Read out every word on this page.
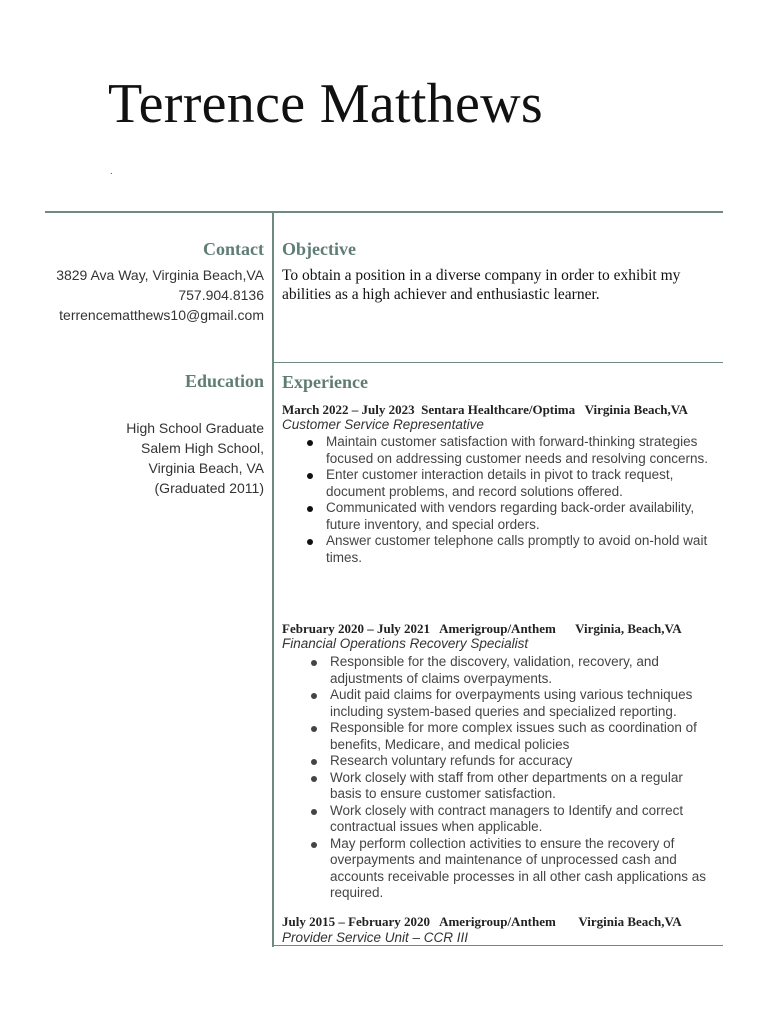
Terrence Matthews
.
Contact
3829 Ava Way, Virginia Beach,VA
757.904.8136
terrencematthews10@gmail.com
Education
High School Graduate
Salem High School,
Virginia Beach, VA
(Graduated 2011)
Objective
To obtain a position in a diverse company in order to exhibit my abilities as a high achiever and enthusiastic learner.
Experience
March 2022 – July 2023  Sentara Healthcare/Optima   Virginia Beach,VA
Customer Service Representative
Maintain customer satisfaction with forward-thinking strategies focused on addressing customer needs and resolving concerns.
Enter customer interaction details in pivot to track request, document problems, and record solutions offered.
Communicated with vendors regarding back-order availability, future inventory, and special orders.
Answer customer telephone calls promptly to avoid on-hold wait times.
February 2020 – July 2021   Amerigroup/Anthem      Virginia, Beach,VA
Financial Operations Recovery Specialist
Responsible for the discovery, validation, recovery, and adjustments of claims overpayments.
Audit paid claims for overpayments using various techniques including system-based queries and specialized reporting.
Responsible for more complex issues such as coordination of benefits, Medicare, and medical policies
Research voluntary refunds for accuracy
Work closely with staff from other departments on a regular basis to ensure customer satisfaction.
Work closely with contract managers to Identify and correct contractual issues when applicable.
May perform collection activities to ensure the recovery of overpayments and maintenance of unprocessed cash and accounts receivable processes in all other cash applications as required.
July 2015 – February 2020   Amerigroup/Anthem       Virginia Beach,VA
Provider Service Unit – CCR III
